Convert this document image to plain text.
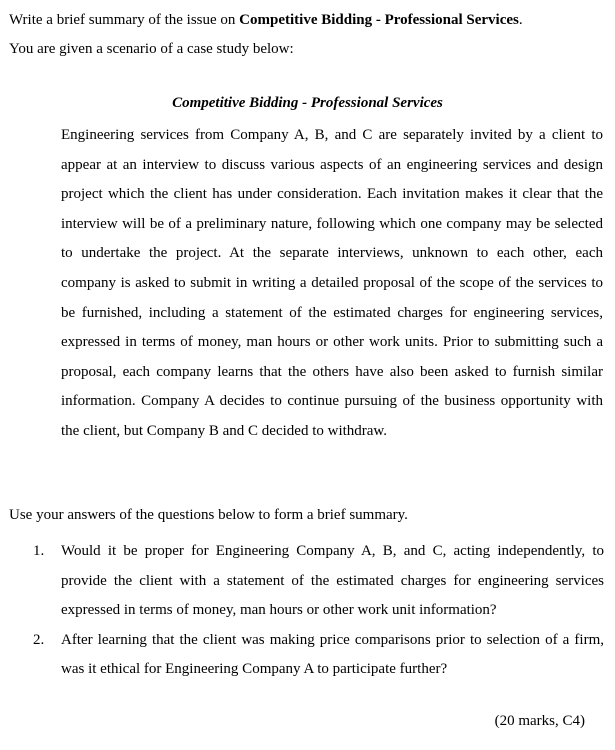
Write a brief summary of the issue on Competitive Bidding - Professional Services.
You are given a scenario of a case study below:
Competitive Bidding - Professional Services

Engineering services from Company A, B, and C are separately invited by a client to appear at an interview to discuss various aspects of an engineering services and design project which the client has under consideration. Each invitation makes it clear that the interview will be of a preliminary nature, following which one company may be selected to undertake the project. At the separate interviews, unknown to each other, each company is asked to submit in writing a detailed proposal of the scope of the services to be furnished, including a statement of the estimated charges for engineering services, expressed in terms of money, man hours or other work units. Prior to submitting such a proposal, each company learns that the others have also been asked to furnish similar information. Company A decides to continue pursuing of the business opportunity with the client, but Company B and C decided to withdraw.

Use your answers of the questions below to form a brief summary.
1.	Would it be proper for Engineering Company A, B, and C, acting independently, to provide the client with a statement of the estimated charges for engineering services expressed in terms of money, man hours or other work unit information?
2.	After learning that the client was making price comparisons prior to selection of a firm, was it ethical for Engineering Company A to participate further?
(20 marks, C4)
